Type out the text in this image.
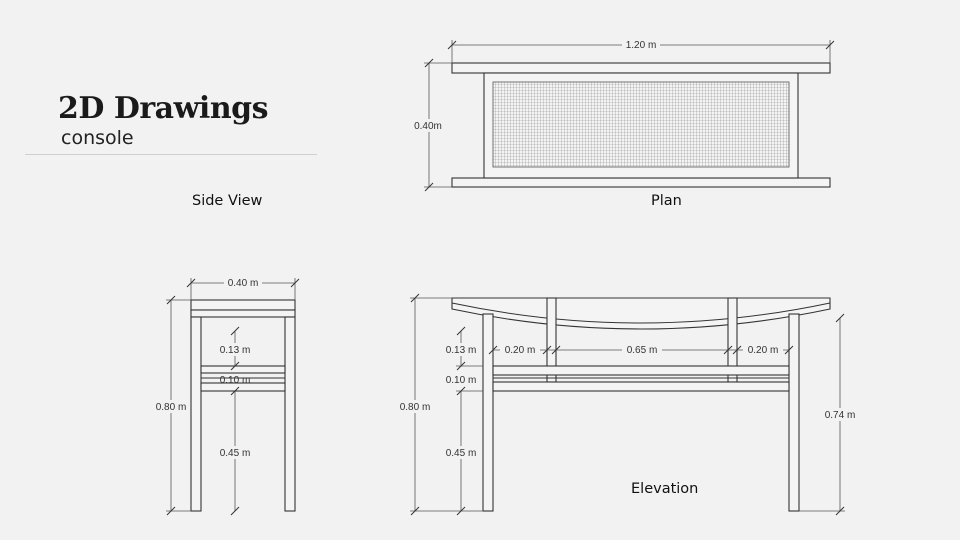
2D Drawings
console
Side View	Plan
Elevation
1.20 m
0.40m
0.40 m
0.80 m
0.13 m
0.10 m
0.45 m
0.80 m
0.13 m
0.10 m
0.45 m
0.20 m	0.65 m	0.20 m
0.74 m
